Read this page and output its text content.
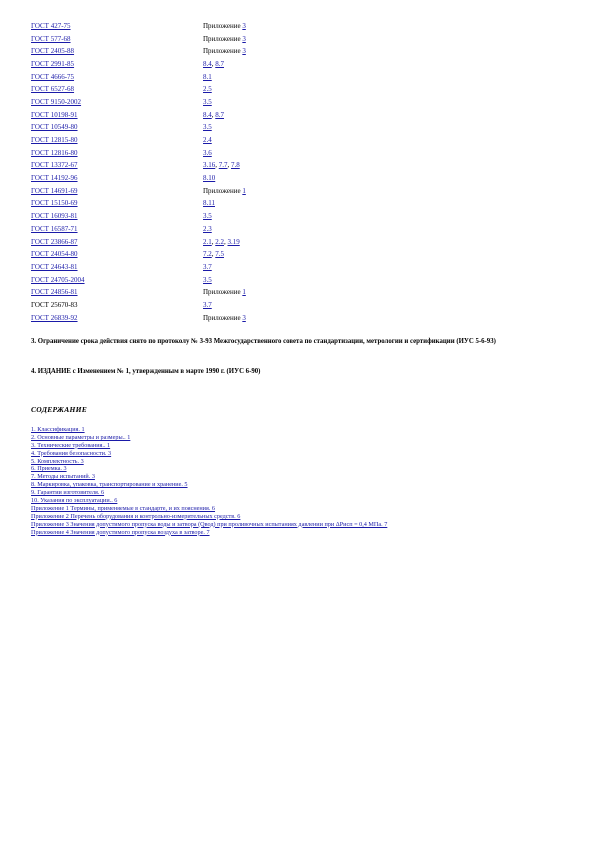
ГОСТ 427-75	Приложение 3
ГОСТ 577-68	Приложение 3
ГОСТ 2405-88	Приложение 3
ГОСТ 2991-85	8.4, 8.7
ГОСТ 4666-75	8.1
ГОСТ 6527-68	2.5
ГОСТ 9150-2002	3.5
ГОСТ 10198-91	8.4, 8.7
ГОСТ 10549-80	3.5
ГОСТ 12815-80	2.4
ГОСТ 12816-80	3.6
ГОСТ 13372-67	3.16, 7.7, 7.8
ГОСТ 14192-96	8.10
ГОСТ 14691-69	Приложение 1
ГОСТ 15150-69	8.11
ГОСТ 16093-81	3.5
ГОСТ 16587-71	2.3
ГОСТ 23866-87	2.1, 2.2, 3.19
ГОСТ 24054-80	7.2, 7.5
ГОСТ 24643-81	3.7
ГОСТ 24705-2004	3.5
ГОСТ 24856-81	Приложение 1
ГОСТ 25670-83	3.7
ГОСТ 26839-92	Приложение 3
3. Ограничение срока действия снято по протоколу № 3-93 Межгосударственного совета по стандартизации, метрологии и сертификации (ИУС 5-6-93)
4. ИЗДАНИЕ с Изменением № 1, утвержденным в марте 1990 г. (ИУС 6-90)
СОДЕРЖАНИЕ
1. Классификация. 1
2. Основные параметры и размеры.. 1
3. Технические требования.. 1
4. Требования безопасности. 3
5. Комплектность. 3
6. Приемка. 3
7. Методы испытаний. 3
8. Маркировка, упаковка, транспортирование и хранение. 5
9. Гарантии изготовителя. 6
10. Указания по эксплуатации.. 6
Приложение 1 Термины, применяемые в стандарте, и их пояснения. 6
Приложение 2 Перечень оборудования и контрольно-измерительных средств. 6
Приложение 3 Значения допустимого пропуска воды и затвора (Qвод) при проливочных испытаниях давлении при ΔPисп = 0,4 МПа. 7
Приложение 4 Значения допустимого пропуска воздуха в затворе. 7
